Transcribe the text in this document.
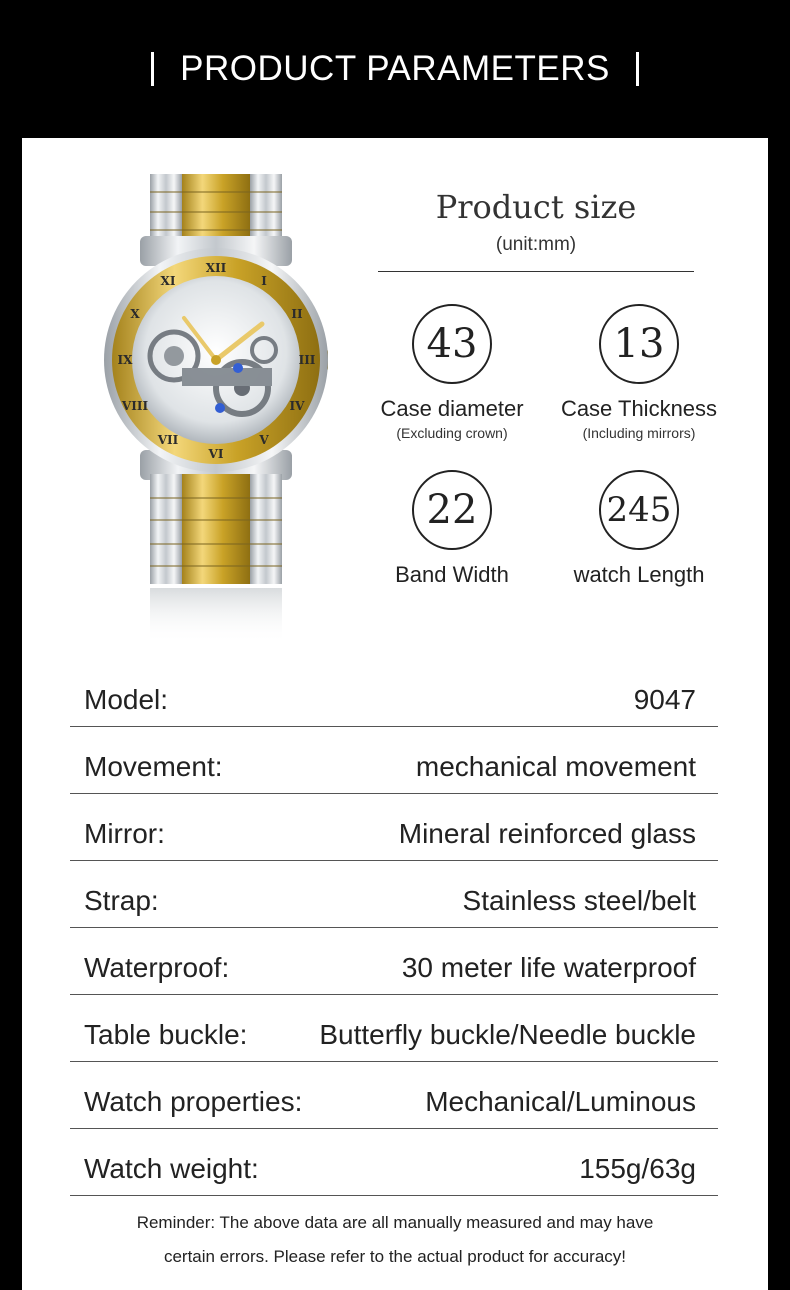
PRODUCT PARAMETERS
XII
I
II
III
IV
V
VI
VII
VIII
IX
X
XI
Product size
(unit:mm)
43
Case diameter
(Excluding crown)
13
Case Thickness
(Including mirrors)
22
Band Width
245
watch Length
Model:	9047
Movement:	mechanical movement
Mirror:	Mineral reinforced glass
Strap:	Stainless steel/belt
Waterproof:	30 meter life waterproof
Table buckle:	Butterfly buckle/Needle buckle
Watch properties:	Mechanical/Luminous
Watch weight:	155g/63g
Reminder: The above data are all manually measured and may have
certain errors. Please refer to the actual product for accuracy!
